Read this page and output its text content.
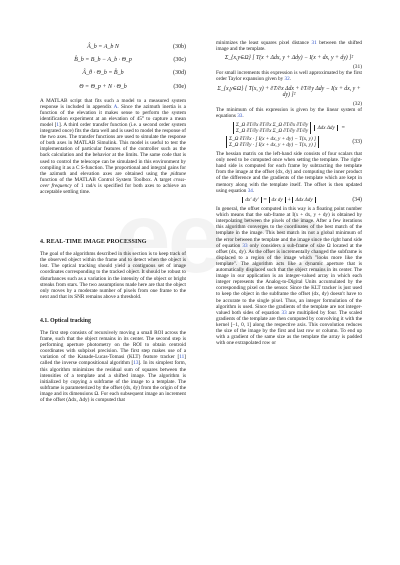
Â_b = A_b N	(30b)
B̂_b = B_b − A_b · Θ_p	(30c)
Â_θ · Θ_b = B̂_b	(30d)
Θ = Θ_p + N · Θ_b	(30e)

A MATLAB script that fits such a model to a measured system response is included in appendix A. Since the azimuth inertia is a function of the elevation it makes sense to perform the system identification experiment at an elevation of 45° to capture a mean model [1]. A third order transfer function (i.e. a second order system integrated once) fits the data well and is used to model the response of the two axes. The transfer functions are used to simulate the response of both axes in MATLAB Simulink. This model is useful to test the implementation of particular features of the controller such as the back calculation and the behavior at the limits. The same code that is used to control the telescope can be simulated in this environment by compiling it as a C S-function. The proportional and integral gains for the azimuth and elevation axes are obtained using the pidtune function of the MATLAB Control System Toolbox. A target cross-over frequency of 1 rad/s is specified for both axes to achieve an acceptable settling time.

4. REAL-TIME IMAGE PROCESSING

The goal of the algorithms described in this section is to keep track of the observed object within the frame and to detect when the object is lost. The optical tracking should yield a contiguous set of image coordinates corresponding to the tracked object. It should be robust to disturbances such as a variation in the intensity of the object or bright streaks from stars. The two assumptions made here are that the object only moves by a moderate number of pixels from one frame to the next and that its SNR remains above a threshold.

4.1. Optical tracking

The first step consists of recursively moving a small ROI across the frame, such that the object remains in its center. The second step is performing aperture photometry on the ROI to obtain centroid coordinates with subpixel precision. The first step makes use of a variation of the Kanade-Lucas-Tomasi (KLT) feature tracker [11] called the inverse compositional algorithm [13]. In its simplest form, this algorithm minimizes the residual sum of squares between the intensities of a template and a shifted image. The algorithm is initialized by copying a subframe of the image to a template. The subframe is parameterized by the offset (dx, dy) from the origin of the image and its dimensions Ω. For each subsequent image an increment of the offset (Δdx, Δdy) is computed that

minimizes the least squares pixel distance 31 between the shifted image and the template.

Σ_{x,y∈Ω} [ T(x + Δdx, y + Δdy) − I(x + dx, y + dy) ]²
(31)

For small increments this expression is well approximated by the first order Taylor expansion given by 32.

Σ_{x,y∈Ω} [ T(x, y) + ∂T/∂x Δdx + ∂T/∂y Δdy − I(x + dx, y + dy) ]²
(32)

The minimum of this expression is given by the linear system of equations 33.

Σ_Ω ∂T/∂x ∂T/∂x Σ_Ω ∂T/∂x ∂T/∂y
Σ_Ω ∂T/∂y ∂T/∂x Σ_Ω ∂T/∂y ∂T/∂y	Δdx Δdy	=
Σ_Ω ∂T/∂x · [ I(x + dx, y + dy) − T(x, y) ]
Σ_Ω ∂T/∂y · [ I(x + dx, y + dy) − T(x, y) ]
(33)

The hessian matrix on the left-hand side consists of four scalars that only need to be computed once when setting the template. The right-hand side is computed for each frame by subtracting the template from the image at the offset (dx, dy) and computing the inner product of the difference and the gradients of the template which are kept in memory along with the template itself. The offset is then updated using equation 34.

dx′ dy′ = dx dy + Δdx Δdy	(34)

In general, the offset computed in this way is a floating point number which means that the sub-frame at I(x + dx, y + dy) is obtained by interpolating between the pixels of the image. After a few iterations this algorithm converges to the coordinates of the best match of the template in the image. This best match its not a global minimum of the error between the template and the image since the right hand side of equation 33 only considers a sub-frame of size Ω located at the offset (dx, dy). As the offset is incrementally changed the subframe is displaced to a region of the image which "looks more like the template". The algorithm acts like a dynamic aperture that is automatically displaced such that the object remains in its center. The image in our application is an integer-valued array in which each integer represents the Analog-to-Digital Units accumulated by the corresponding pixel on the sensor. Since the KLT tracker is just used to keep the object in the subframe the offset (dx, dy) doesn't have to be accurate to the single pixel. Thus, an integer formulation of the algorithm is used. Since the gradients of the template are not integer-valued both sides of equation 33 are multiplied by four. The scaled gradients of the template are then computed by convolving it with the kernel [−1, 0, 1] along the respective axis. This convolution reduces the size of the image by the first and last row or column. To end up with a gradient of the same size as the template the array is padded with one extrapolated row or
